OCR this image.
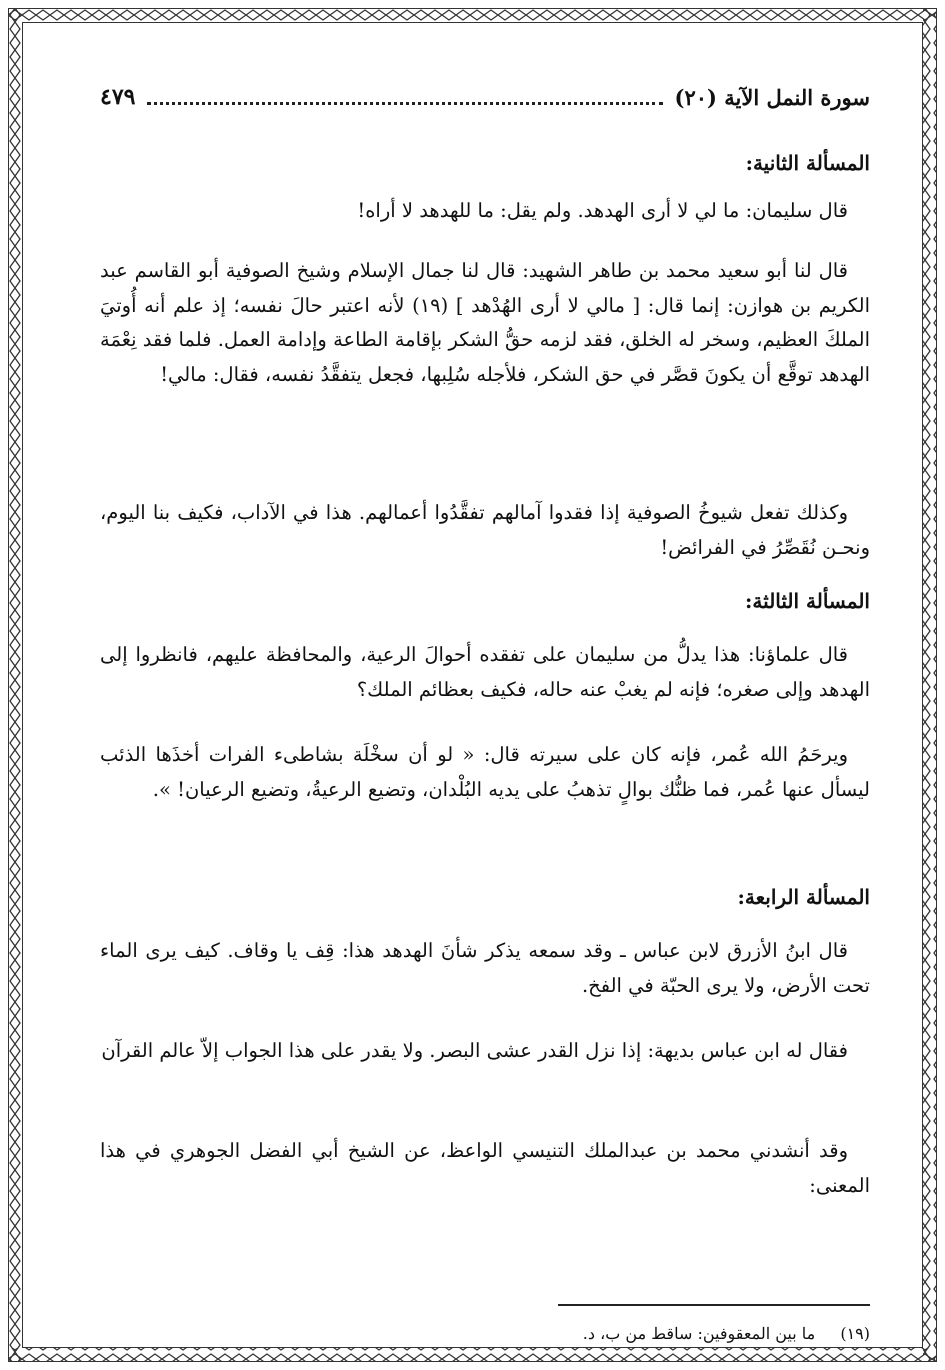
سورة النمل الآية (٢٠)
٤٧٩
المسألة الثانية:

قال سليمان: ما لي لا أرى الهدهد. ولم يقل: ما للهدهد لا أراه!

قال لنا أبو سعيد محمد بن طاهر الشهيد: قال لنا جمال الإسلام وشيخ الصوفية أبو القاسم عبد الكريم بن هوازن: إنما قال: [ مالي لا أرى الهُدْهد ] (١٩) لأنه اعتبر حالَ نفسه؛ إذ علم أنه أُوتيَ الملكَ العظيم، وسخر له الخلق، فقد لزمه حقُّ الشكر بإقامة الطاعة وإدامة العمل. فلما فقد نِعْمَة الهدهد توقَّع أن يكونَ قصَّر في حق الشكر، فلأجله سُلِبها، فجعل يتفقَّدُ نفسه، فقال: مالي!

وكذلك تفعل شيوخُ الصوفية إذا فقدوا آمالهم تفقَّدُوا أعمالهم. هذا في الآداب، فكيف بنا اليوم، ونحـن نُقَصِّرُ في الفرائض!

المسألة الثالثة:

قال علماؤنا: هذا يدلُّ من سليمان على تفقده أحوالَ الرعية، والمحافظة عليهم، فانظروا إلى الهدهد وإلى صغره؛ فإنه لم يغبْ عنه حاله، فكيف بعظائم الملك؟

ويرحَمُ الله عُمر، فإنه كان على سيرته قال: « لو أن سخْلَة بشاطىء الفرات أخذَها الذئب ليسأل عنها عُمر، فما ظنُّك بوالٍ تذهبُ على يديه البُلْدان، وتضيع الرعيةُ، وتضيع الرعيان! ».

المسألة الرابعة:

قال ابنُ الأزرق لابن عباس ـ وقد سمعه يذكر شأنَ الهدهد هذا: قِف يا وقاف. كيف يرى الماء تحت الأرض، ولا يرى الحبّة في الفخ.

فقال له ابن عباس بديهة: إذا نزل القدر عشى البصر. ولا يقدر على هذا الجواب إلاّ عالم القرآن

وقد أنشدني محمد بن عبدالملك التنيسي الواعظ، عن الشيخ أبي الفضل الجوهري في هذا المعنى:

(١٩) ما بين المعقوفين: ساقط من ب، د.
